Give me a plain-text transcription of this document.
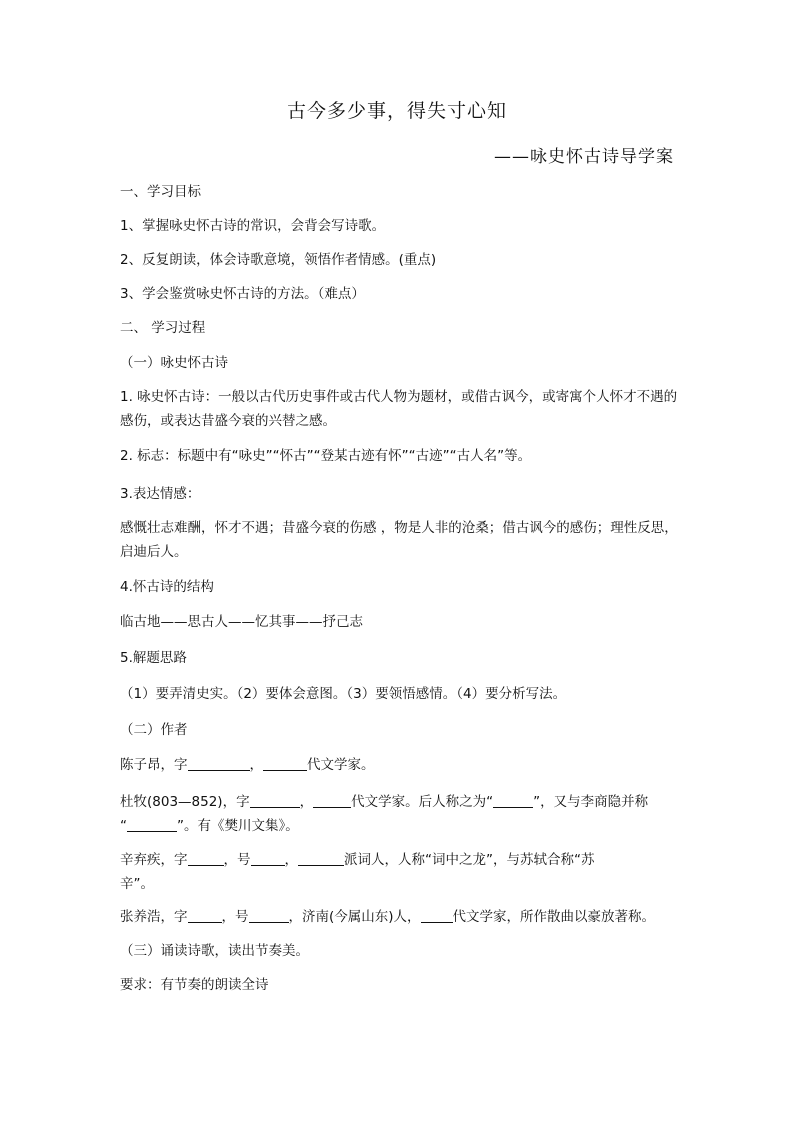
古今多少事，得失寸心知
——咏史怀古诗导学案
一、学习目标
1、掌握咏史怀古诗的常识，会背会写诗歌。
2、反复朗读，体会诗歌意境，领悟作者情感。(重点)
3、学会鉴赏咏史怀古诗的方法。（难点）
二、 学习过程
（一）咏史怀古诗
1. 咏史怀古诗：一般以古代历史事件或古代人物为题材，或借古讽今，或寄寓个人怀才不遇的感伤，或表达昔盛今衰的兴替之感。
2. 标志：标题中有“咏史”“怀古”“登某古迹有怀”“古迹”“古人名”等。
3.表达情感：
感慨壮志难酬，怀才不遇；昔盛今衰的伤感 ，物是人非的沧桑；借古讽今的感伤；理性反思，启迪后人。
4.怀古诗的结构
临古地——思古人——忆其事——抒己志
5.解题思路
（1）要弄清史实。（2）要体会意图。（3）要领悟感情。（4）要分析写法。
（二）作者
陈子昂，字	，	代文学家。
杜牧(803—852)，字	，	代文学家。后人称之为“	”，又与李商隐并称
“	”。有《樊川文集》。
辛弃疾，字	，号	，	派词人，人称“词中之龙”，与苏轼合称“苏
辛”。
张养浩，字	，号	，济南(今属山东)人， 代文学家，所作散曲以豪放著称。
（三）诵读诗歌，读出节奏美。
要求：有节奏的朗读全诗
